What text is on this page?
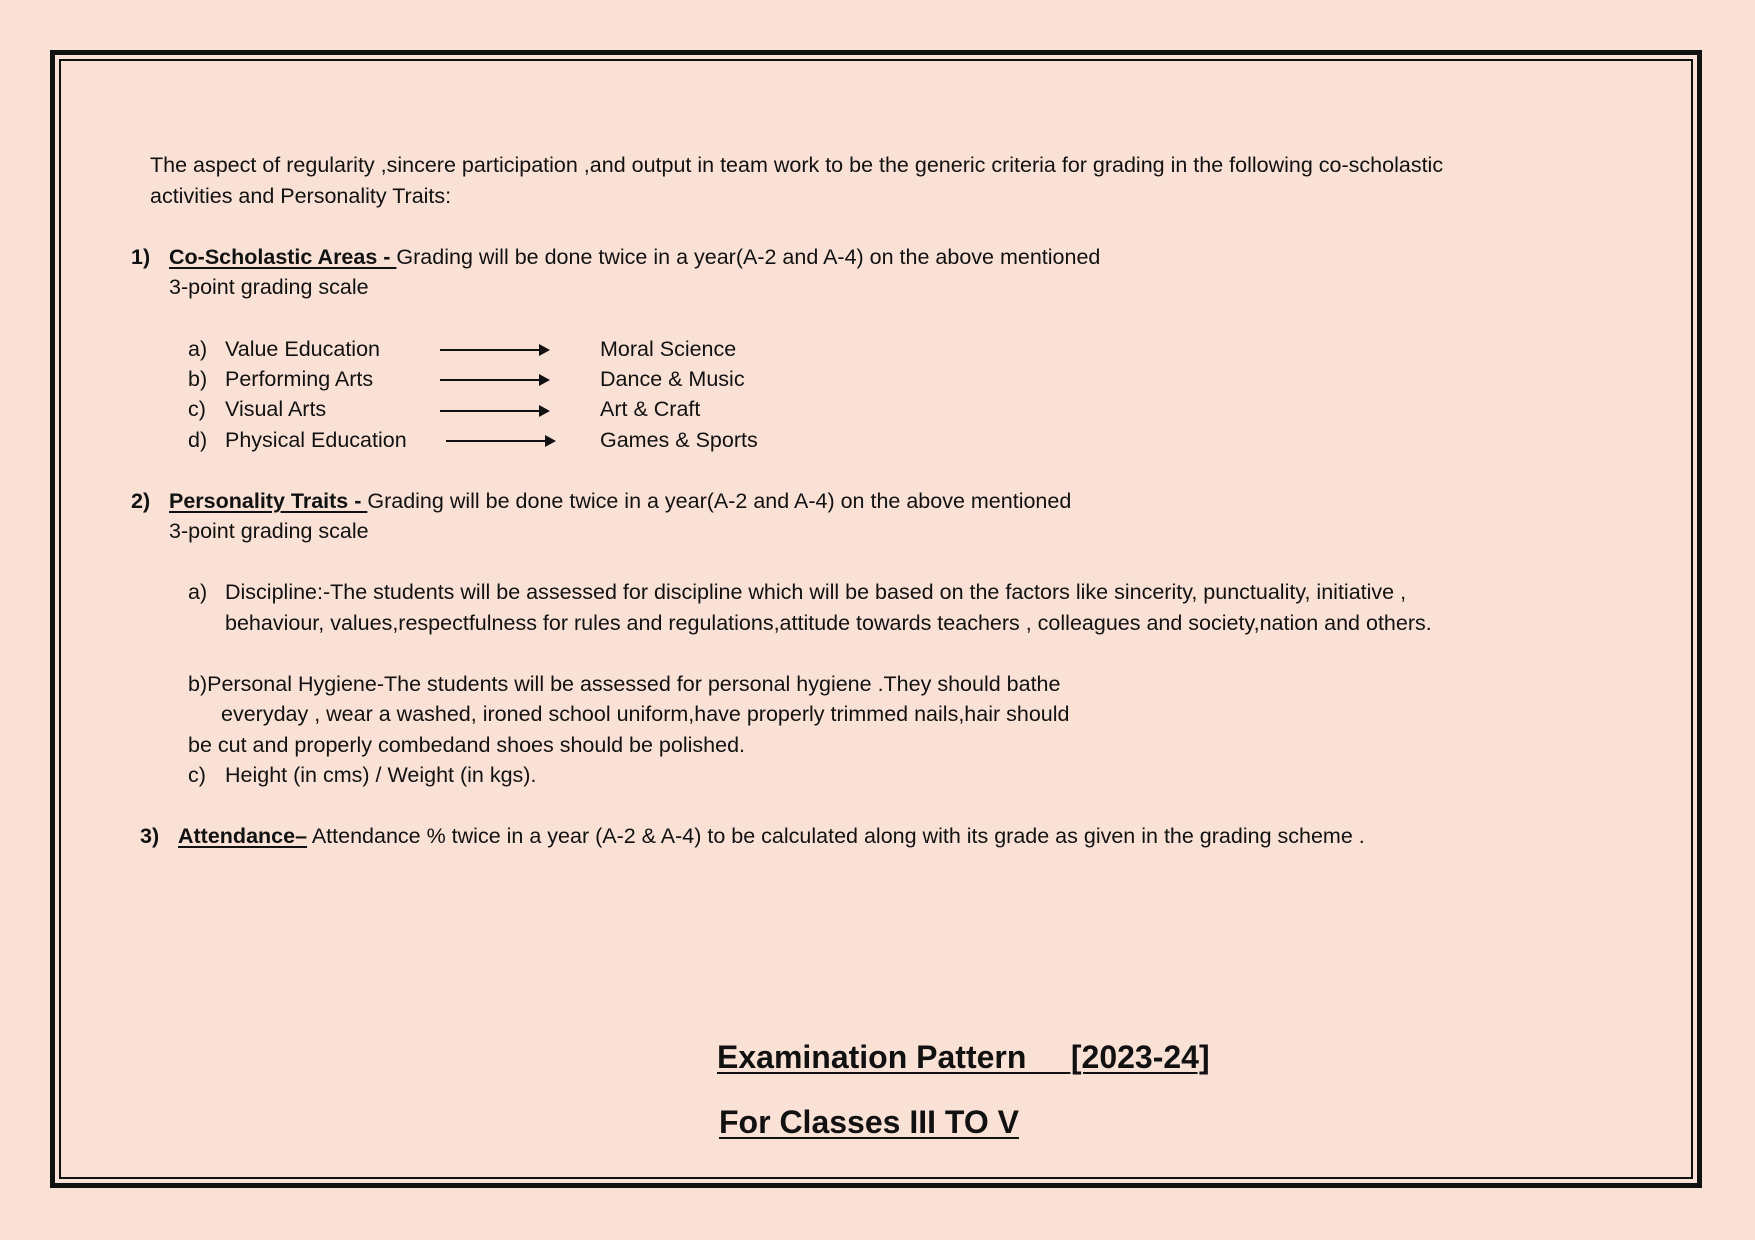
The aspect of regularity ,sincere participation ,and output in team work to be the generic criteria for grading in the following co-scholastic
activities and Personality Traits:
1) Co-Scholastic Areas - Grading will be done twice in a year(A-2 and A-4) on the above mentioned
3-point grading scale
a) Value Education	Moral Science
b) Performing Arts	Dance & Music
c) Visual Arts	Art & Craft
d) Physical Education	Games & Sports
2) Personality Traits - Grading will be done twice in a year(A-2 and A-4) on the above mentioned
3-point grading scale
a) Discipline:-The students will be assessed for discipline which will be based on the factors like sincerity, punctuality, initiative ,
behaviour, values,respectfulness for rules and regulations,attitude towards teachers , colleagues and society,nation and others.
b)Personal Hygiene-The students will be assessed for personal hygiene .They should bathe
everyday , wear a washed, ironed school uniform,have properly trimmed nails,hair should
be cut and properly combedand shoes should be polished.
c) Height (in cms) / Weight (in kgs).
3) Attendance– Attendance % twice in a year (A-2 & A-4) to be calculated along with its grade as given in the grading scheme .
Examination Pattern     [2023-24]
For Classes III TO V
